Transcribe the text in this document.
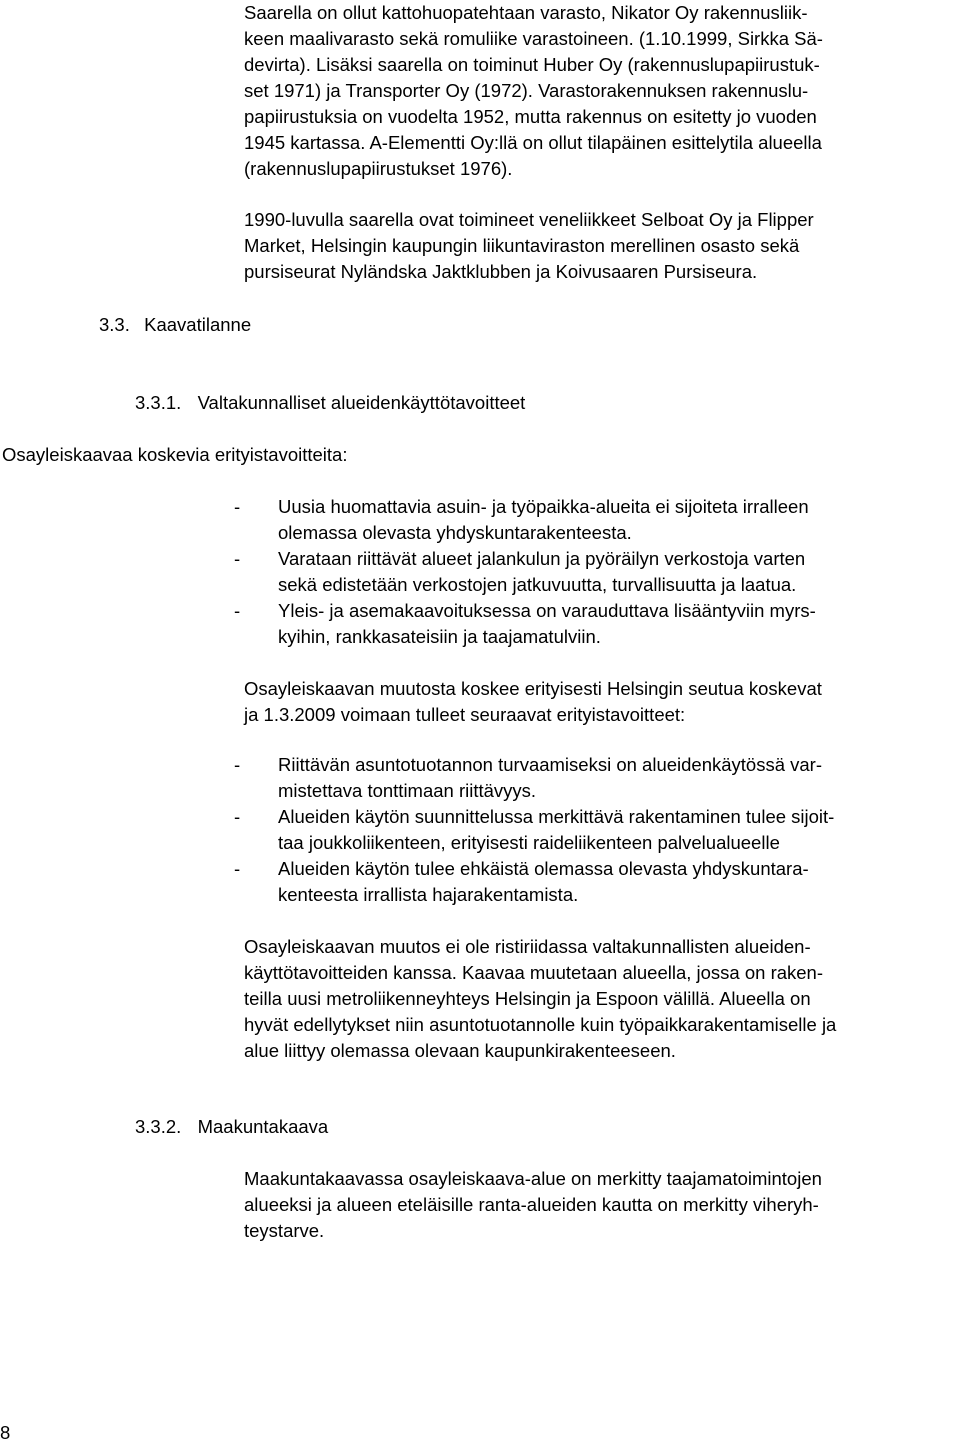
Saarella on ollut kattohuopatehtaan varasto, Nikator Oy rakennusliik-
keen maalivarasto sekä romuliike varastoineen. (1.10.1999, Sirkka Sä-
devirta). Lisäksi saarella on toiminut Huber Oy (rakennuslupapiirustuk-
set 1971) ja Transporter Oy (1972). Varastorakennuksen rakennuslu-
papiirustuksia on vuodelta 1952, mutta rakennus on esitetty jo vuoden
1945 kartassa. A-Elementti Oy:llä on ollut tilapäinen esittelytila alueella
(rakennuslupapiirustukset 1976).
1990-luvulla saarella ovat toimineet veneliikkeet Selboat Oy ja Flipper
Market, Helsingin kaupungin liikuntaviraston merellinen osasto sekä
pursiseurat Nyländska Jaktklubben ja Koivusaaren Pursiseura.
3.3. Kaavatilanne
3.3.1. Valtakunnalliset alueidenkäyttötavoitteet
Osayleiskaavaa koskevia erityistavoitteita:
- Uusia huomattavia asuin- ja työpaikka-alueita ei sijoiteta irralleen
olemassa olevasta yhdyskuntarakenteesta.
- Varataan riittävät alueet jalankulun ja pyöräilyn verkostoja varten
sekä edistetään verkostojen jatkuvuutta, turvallisuutta ja laatua.
- Yleis- ja asemakaavoituksessa on varauduttava lisääntyviin myrs-
kyihin, rankkasateisiin ja taajamatulviin.
Osayleiskaavan muutosta koskee erityisesti Helsingin seutua koskevat
ja 1.3.2009 voimaan tulleet seuraavat erityistavoitteet:
- Riittävän asuntotuotannon turvaamiseksi on alueidenkäytössä var-
mistettava tonttimaan riittävyys.
- Alueiden käytön suunnittelussa merkittävä rakentaminen tulee sijoit-
taa joukkoliikenteen, erityisesti raideliikenteen palvelualueelle
- Alueiden käytön tulee ehkäistä olemassa olevasta yhdyskuntara-
kenteesta irrallista hajarakentamista.
Osayleiskaavan muutos ei ole ristiriidassa valtakunnallisten alueiden-
käyttötavoitteiden kanssa. Kaavaa muutetaan alueella, jossa on raken-
teilla uusi metroliikenneyhteys Helsingin ja Espoon välillä. Alueella on
hyvät edellytykset niin asuntotuotannolle kuin työpaikkarakentamiselle ja
alue liittyy olemassa olevaan kaupunkirakenteeseen.
3.3.2. Maakuntakaava
Maakuntakaavassa osayleiskaava-alue on merkitty taajamatoimintojen
alueeksi ja alueen eteläisille ranta-alueiden kautta on merkitty viheryh-
teystarve.
8
